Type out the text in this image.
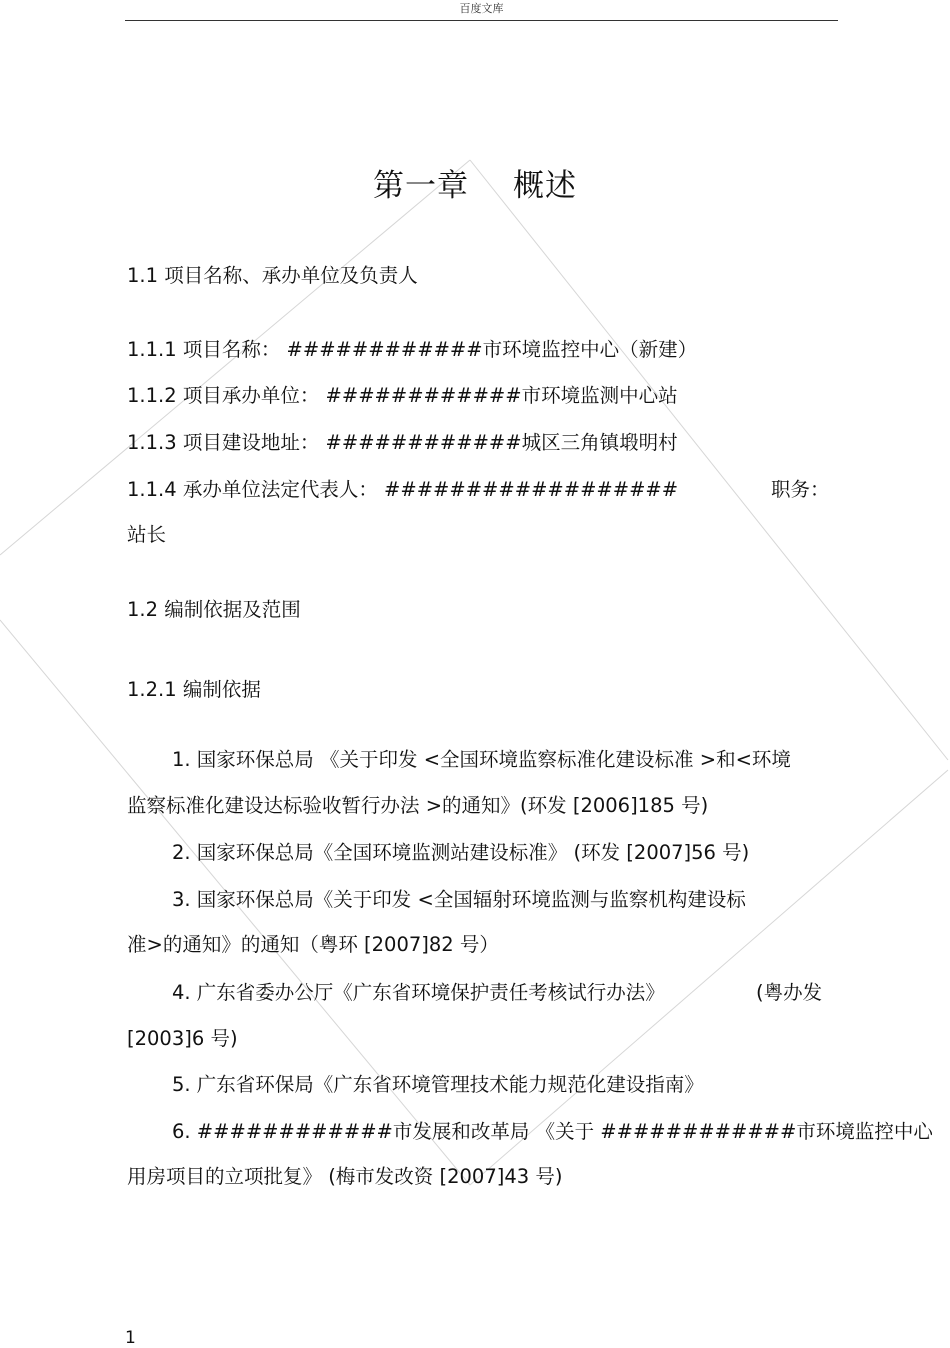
百度文库
第一章 概述
1.1 项目名称、承办单位及负责人
1.1.1 项目名称： ############市环境监控中心（新建）
1.1.2 项目承办单位： ############市环境监测中心站
1.1.3 项目建设地址： ############城区三角镇塅明村
1.1.4 承办单位法定代表人： ##################	职务：
站长
1.2 编制依据及范围
1.2.1 编制依据
1. 国家环保总局 《关于印发 <全国环境监察标准化建设标准 >和<环境
监察标准化建设达标验收暂行办法 >的通知》(环发 [2006]185 号)
2. 国家环保总局《全国环境监测站建设标准》 (环发 [2007]56 号)
3. 国家环保总局《关于印发 <全国辐射环境监测与监察机构建设标
准>的通知》的通知（粤环 [2007]82 号）
4. 广东省委办公厅《广东省环境保护责任考核试行办法》	(粤办发
[2003]6 号)
5. 广东省环保局《广东省环境管理技术能力规范化建设指南》
6. ############市发展和改革局 《关于 ############市环境监控中心
用房项目的立项批复》 (梅市发改资 [2007]43 号)
1
